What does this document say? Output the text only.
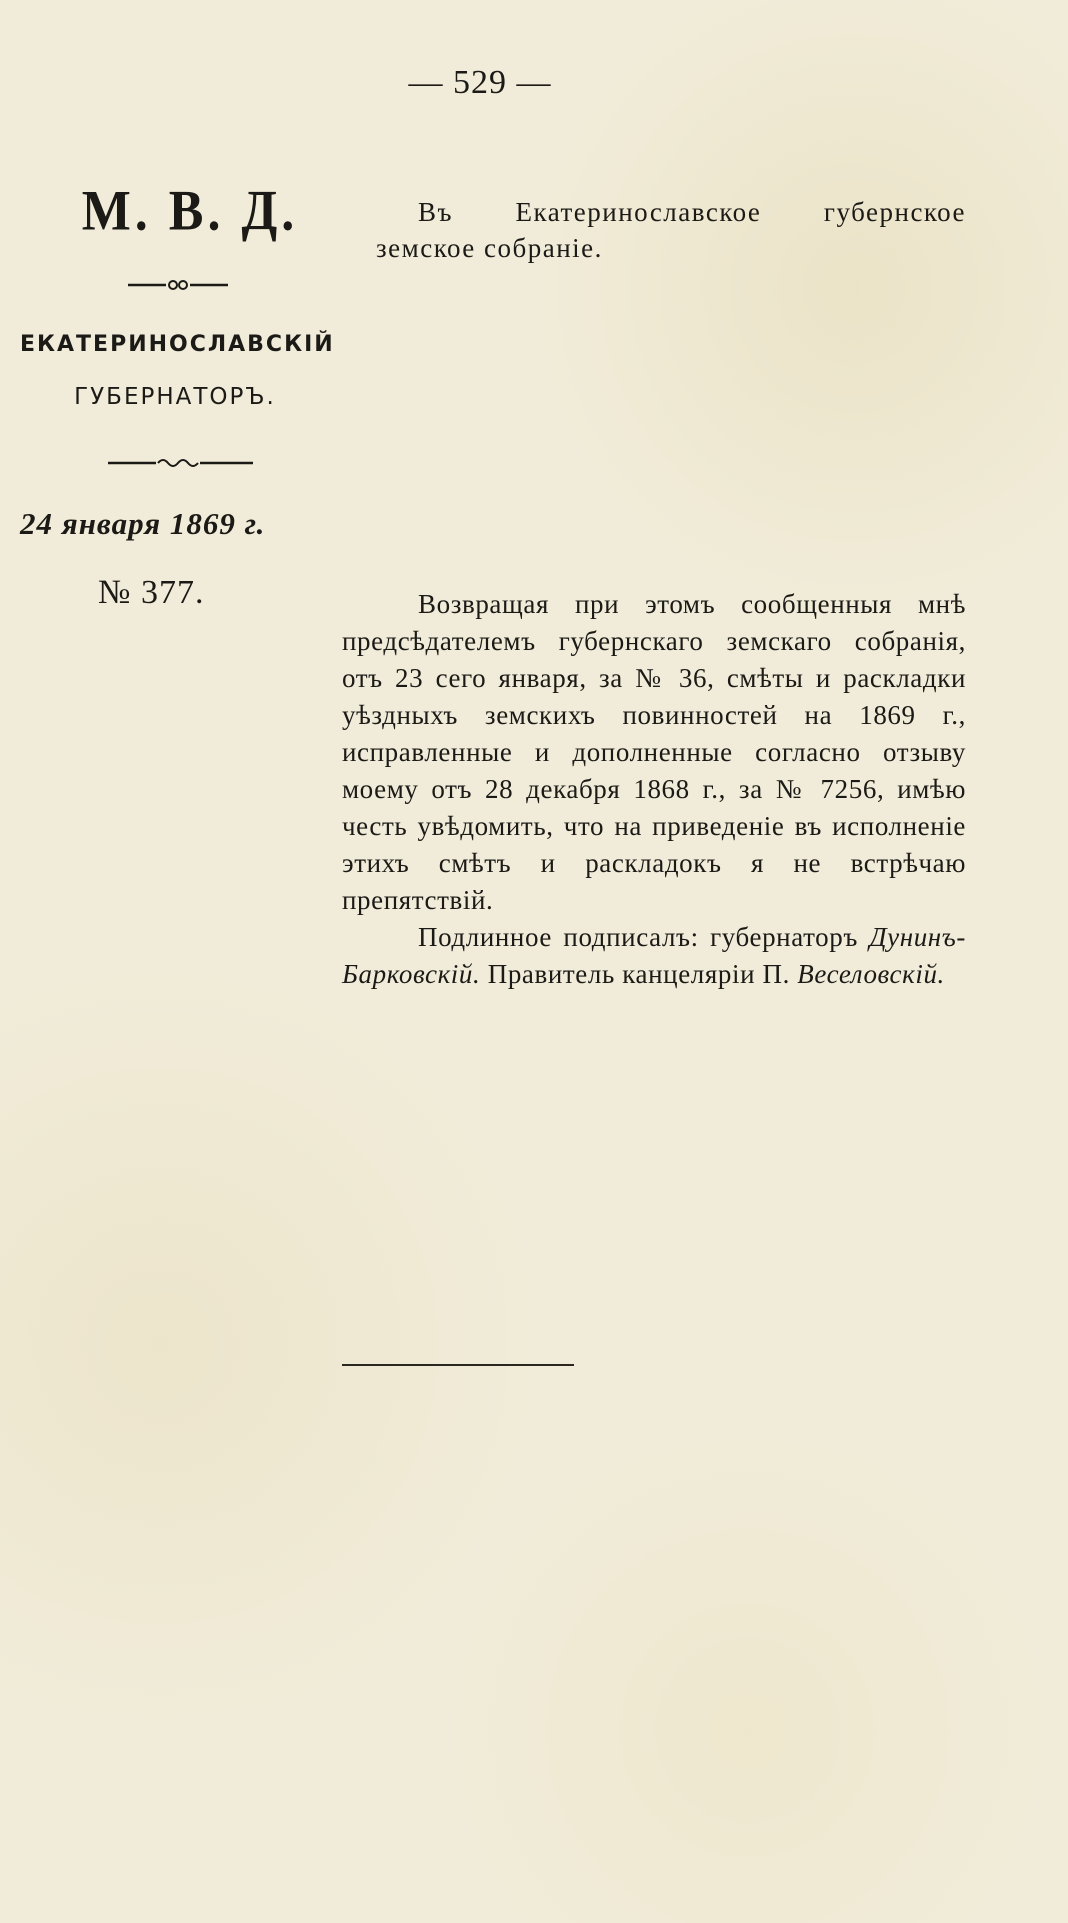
— 529 —
М. В. Д.
ЕКАТЕРИНОСЛАВСКІЙ
ГУБЕРНАТОРЪ.
24 января 1869 г.
№ 377.
Въ Екатеринославское губернское
земское собраніе.

Возвращая при этомъ сообщенныя мнѣ предсѣдателемъ губернскаго земскаго собранія, отъ 23 сего января, за № 36, смѣты и раскладки уѣздныхъ земскихъ повинностей на 1869 г., исправленные и дополненные согласно отзыву моему отъ 28 декабря 1868 г., за № 7256, имѣю честь увѣдомить, что на приведеніе въ исполненіе этихъ смѣтъ и раскладокъ я не встрѣчаю препятствій.

Подлинное подписалъ: губернаторъ Дунинъ-Барковскій. Правитель канцеляріи П. Веселовскій.
